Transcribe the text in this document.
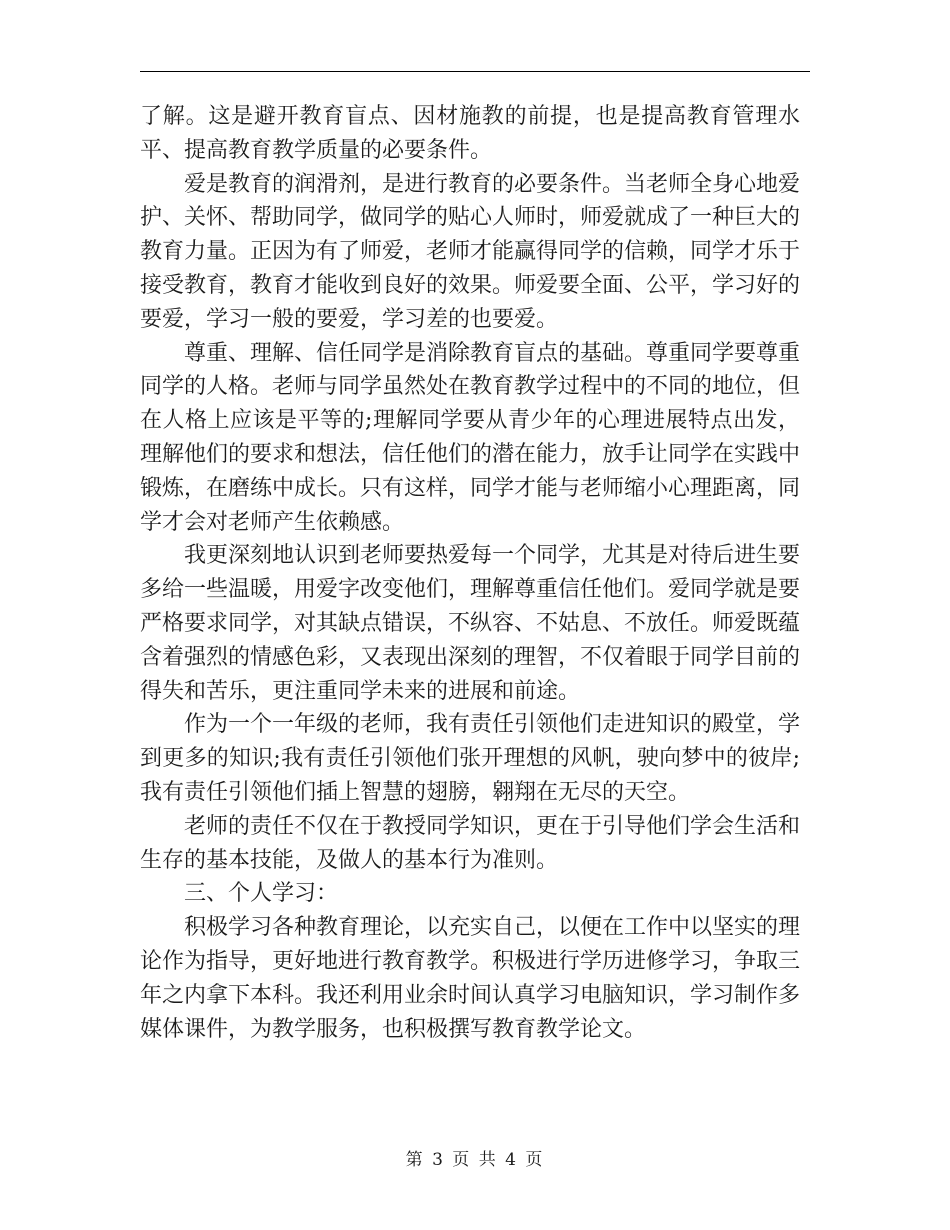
了解。这是避开教育盲点、因材施教的前提，也是提高教育管理水平、提高教育教学质量的必要条件。

爱是教育的润滑剂，是进行教育的必要条件。当老师全身心地爱护、关怀、帮助同学，做同学的贴心人师时，师爱就成了一种巨大的教育力量。正因为有了师爱，老师才能赢得同学的信赖，同学才乐于接受教育，教育才能收到良好的效果。师爱要全面、公平，学习好的要爱，学习一般的要爱，学习差的也要爱。

尊重、理解、信任同学是消除教育盲点的基础。尊重同学要尊重同学的人格。老师与同学虽然处在教育教学过程中的不同的地位，但在人格上应该是平等的;理解同学要从青少年的心理进展特点出发，理解他们的要求和想法，信任他们的潜在能力，放手让同学在实践中锻炼，在磨练中成长。只有这样，同学才能与老师缩小心理距离，同学才会对老师产生依赖感。

我更深刻地认识到老师要热爱每一个同学，尤其是对待后进生要多给一些温暖，用爱字改变他们，理解尊重信任他们。爱同学就是要严格要求同学，对其缺点错误，不纵容、不姑息、不放任。师爱既蕴含着强烈的情感色彩，又表现出深刻的理智，不仅着眼于同学目前的得失和苦乐，更注重同学未来的进展和前途。

作为一个一年级的老师，我有责任引领他们走进知识的殿堂，学到更多的知识;我有责任引领他们张开理想的风帆，驶向梦中的彼岸;我有责任引领他们插上智慧的翅膀，翱翔在无尽的天空。

老师的责任不仅在于教授同学知识，更在于引导他们学会生活和生存的基本技能，及做人的基本行为准则。

三、个人学习：

积极学习各种教育理论，以充实自己，以便在工作中以坚实的理论作为指导，更好地进行教育教学。积极进行学历进修学习，争取三年之内拿下本科。我还利用业余时间认真学习电脑知识，学习制作多媒体课件，为教学服务，也积极撰写教育教学论文。

第 3 页 共 4 页
